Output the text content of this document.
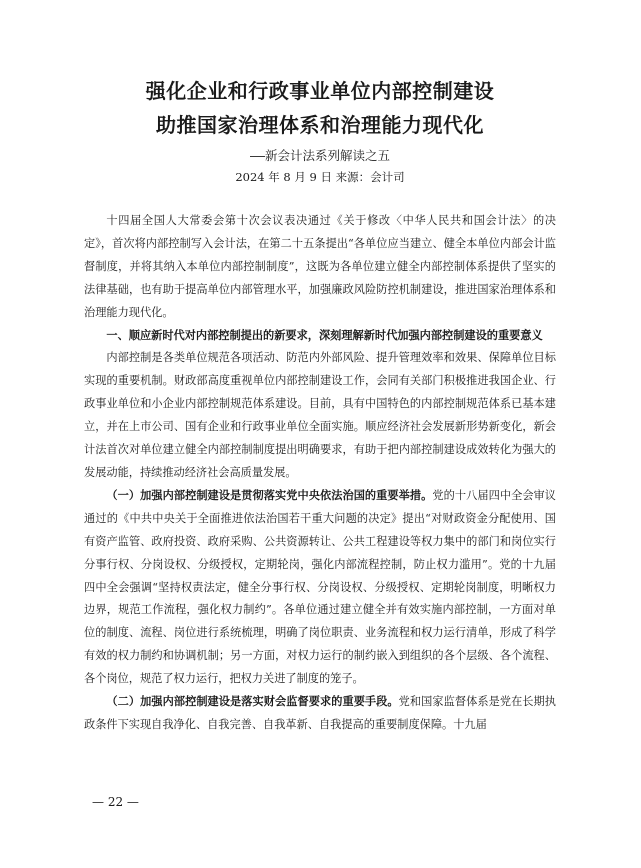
强化企业和行政事业单位内部控制建设
助推国家治理体系和治理能力现代化

——新会计法系列解读之五

2024 年 8 月 9 日 来源：会计司

十四届全国人大常委会第十次会议表决通过《关于修改〈中华人民共和国会计法〉的决定》，首次将内部控制写入会计法，在第二十五条提出“各单位应当建立、健全本单位内部会计监督制度，并将其纳入本单位内部控制制度”，这既为各单位建立健全内部控制体系提供了坚实的法律基础，也有助于提高单位内部管理水平，加强廉政风险防控机制建设，推进国家治理体系和治理能力现代化。

一、顺应新时代对内部控制提出的新要求，深刻理解新时代加强内部控制建设的重要意义

内部控制是各类单位规范各项活动、防范内外部风险、提升管理效率和效果、保障单位目标实现的重要机制。财政部高度重视单位内部控制建设工作，会同有关部门积极推进我国企业、行政事业单位和小企业内部控制规范体系建设。目前，具有中国特色的内部控制规范体系已基本建立，并在上市公司、国有企业和行政事业单位全面实施。顺应经济社会发展新形势新变化，新会计法首次对单位建立健全内部控制制度提出明确要求，有助于把内部控制建设成效转化为强大的发展动能，持续推动经济社会高质量发展。

（一）加强内部控制建设是贯彻落实党中央依法治国的重要举措。党的十八届四中全会审议通过的《中共中央关于全面推进依法治国若干重大问题的决定》提出“对财政资金分配使用、国有资产监管、政府投资、政府采购、公共资源转让、公共工程建设等权力集中的部门和岗位实行分事行权、分岗设权、分级授权，定期轮岗，强化内部流程控制，防止权力滥用”。党的十九届四中全会强调“坚持权责法定，健全分事行权、分岗设权、分级授权、定期轮岗制度，明晰权力边界，规范工作流程，强化权力制约”。各单位通过建立健全并有效实施内部控制，一方面对单位的制度、流程、岗位进行系统梳理，明确了岗位职责、业务流程和权力运行清单，形成了科学有效的权力制约和协调机制；另一方面，对权力运行的制约嵌入到组织的各个层级、各个流程、各个岗位，规范了权力运行，把权力关进了制度的笼子。

（二）加强内部控制建设是落实财会监督要求的重要手段。党和国家监督体系是党在长期执政条件下实现自我净化、自我完善、自我革新、自我提高的重要制度保障。十九届

— 22 —
